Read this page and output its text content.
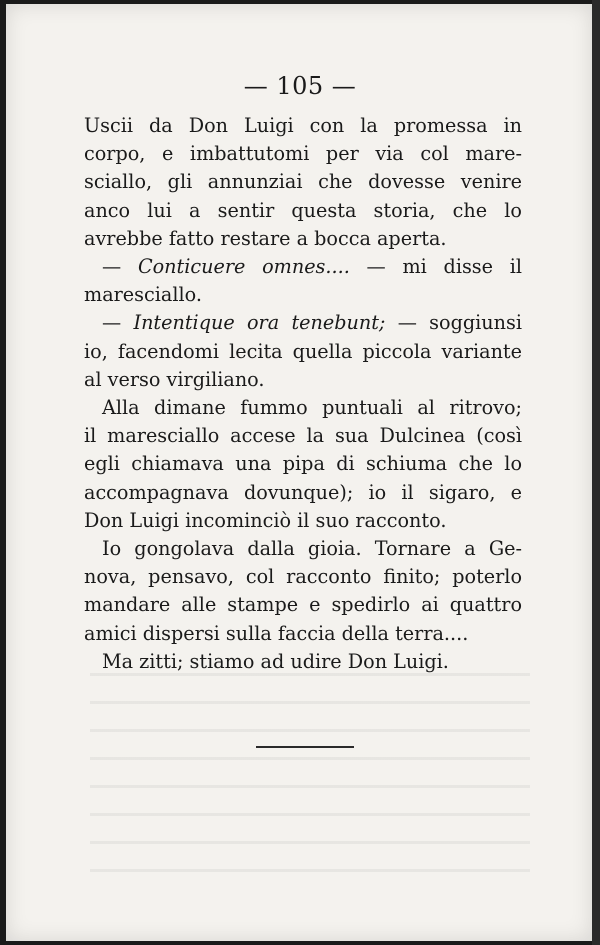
— 105 —
Uscii da Don Luigi con la promessa in
corpo, e imbattutomi per via col mare-
sciallo, gli annunziai che dovesse venire
anco lui a sentir questa storia, che lo
avrebbe fatto restare a bocca aperta.
— Conticuere omnes.... — mi disse il
maresciallo.
— Intentique ora tenebunt; — soggiunsi
io, facendomi lecita quella piccola variante
al verso virgiliano.
Alla dimane fummo puntuali al ritrovo;
il maresciallo accese la sua Dulcinea (così
egli chiamava una pipa di schiuma che lo
accompagnava dovunque); io il sigaro, e
Don Luigi incominciò il suo racconto.
Io gongolava dalla gioia. Tornare a Ge-
nova, pensavo, col racconto finito; poterlo
mandare alle stampe e spedirlo ai quattro
amici dispersi sulla faccia della terra....
Ma zitti; stiamo ad udire Don Luigi.
